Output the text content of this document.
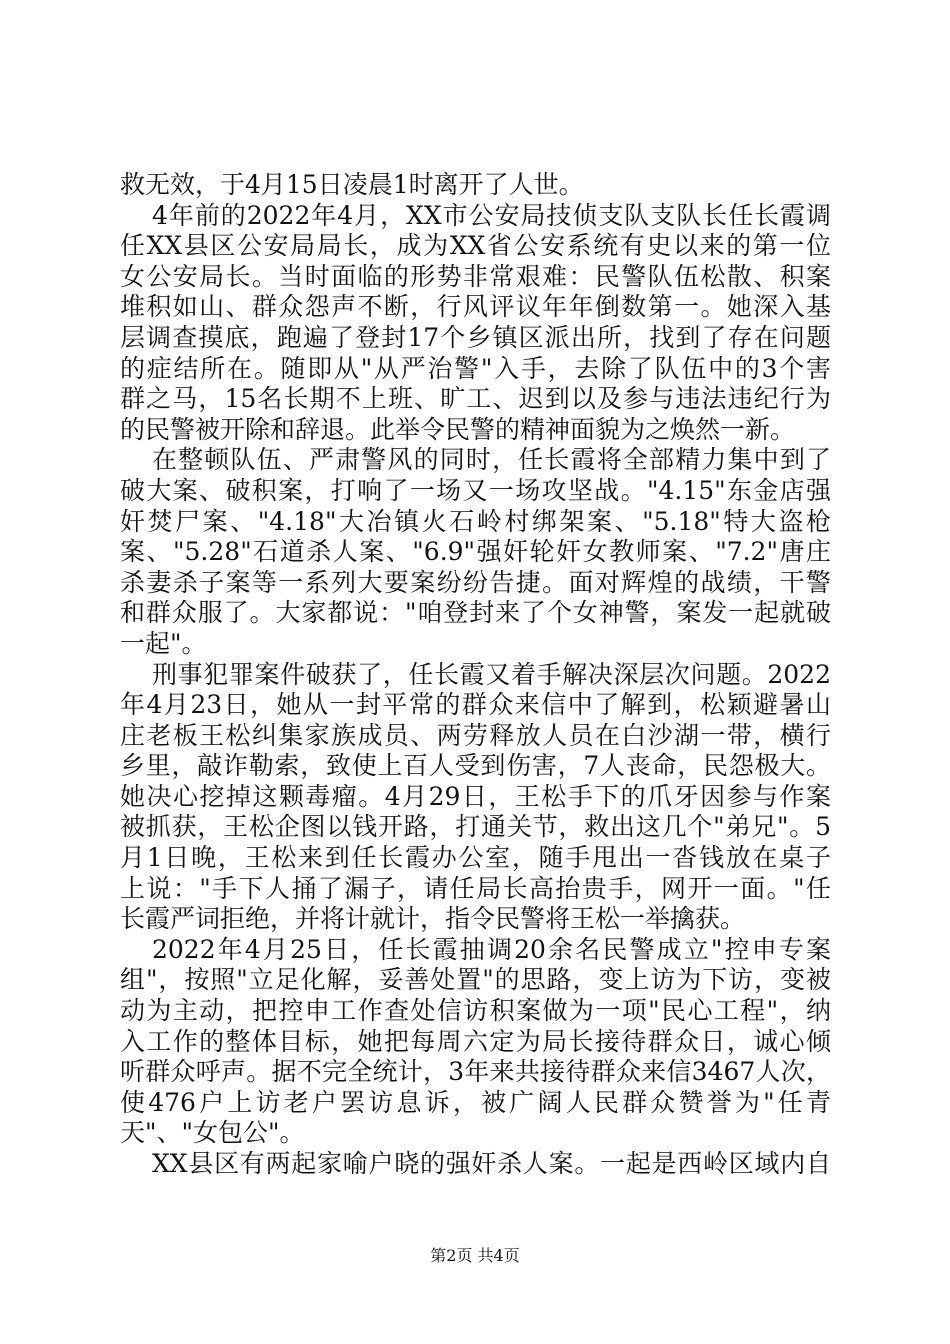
救无效，于4月15日凌晨1时离开了人世。
4年前的2022年4月，XX市公安局技侦支队支队长任长霞调
任XX县区公安局局长，成为XX省公安系统有史以来的第一位
女公安局长。当时面临的形势非常艰难：民警队伍松散、积案
堆积如山、群众怨声不断，行风评议年年倒数第一。她深入基
层调查摸底，跑遍了登封17个乡镇区派出所，找到了存在问题
的症结所在。随即从"从严治警"入手，去除了队伍中的3个害
群之马，15名长期不上班、旷工、迟到以及参与违法违纪行为
的民警被开除和辞退。此举令民警的精神面貌为之焕然一新。
在整顿队伍、严肃警风的同时，任长霞将全部精力集中到了
破大案、破积案，打响了一场又一场攻坚战。"4.15"东金店强
奸焚尸案、"4.18"大冶镇火石岭村绑架案、"5.18"特大盗枪
案、"5.28"石道杀人案、"6.9"强奸轮奸女教师案、"7.2"唐庄
杀妻杀子案等一系列大要案纷纷告捷。面对辉煌的战绩，干警
和群众服了。大家都说："咱登封来了个女神警，案发一起就破
一起"。
刑事犯罪案件破获了，任长霞又着手解决深层次问题。2022
年4月23日，她从一封平常的群众来信中了解到，松颖避暑山
庄老板王松纠集家族成员、两劳释放人员在白沙湖一带，横行
乡里，敲诈勒索，致使上百人受到伤害，7人丧命，民怨极大。
她决心挖掉这颗毒瘤。4月29日，王松手下的爪牙因参与作案
被抓获，王松企图以钱开路，打通关节，救出这几个"弟兄"。5
月1日晚，王松来到任长霞办公室，随手甩出一沓钱放在桌子
上说："手下人捅了漏子，请任局长高抬贵手，网开一面。"任
长霞严词拒绝，并将计就计，指令民警将王松一举擒获。
2022年4月25日，任长霞抽调20余名民警成立"控申专案
组"，按照"立足化解，妥善处置"的思路，变上访为下访，变被
动为主动，把控申工作查处信访积案做为一项"民心工程"，纳
入工作的整体目标，她把每周六定为局长接待群众日，诚心倾
听群众呼声。据不完全统计，3年来共接待群众来信3467人次，
使476户上访老户罢访息诉，被广阔人民群众赞誉为"任青
天"、"女包公"。
XX县区有两起家喻户晓的强奸杀人案。一起是西岭区域内自
第2页 共4页
